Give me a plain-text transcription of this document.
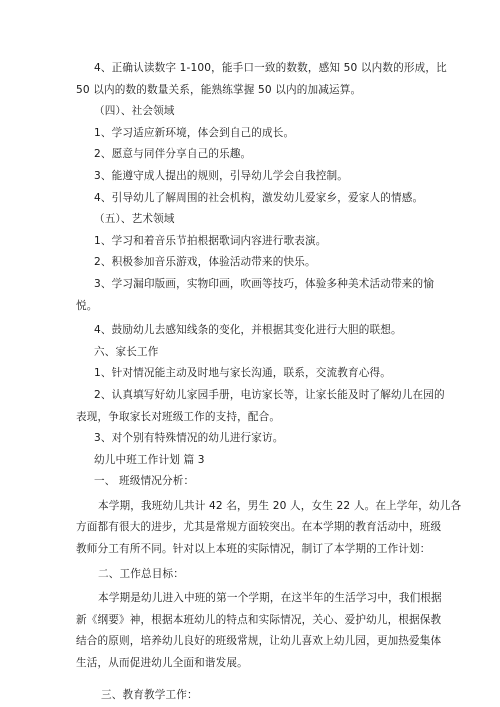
4、正确认读数字 1-100，能手口一致的数数，感知 50 以内数的形成，比
50 以内的数的数量关系，能熟练掌握 50 以内的加减运算。
（四）、社会领域
1、学习适应新环境，体会到自己的成长。
2、愿意与同伴分享自己的乐趣。
3、能遵守成人提出的规则，引导幼儿学会自我控制。
4、引导幼儿了解周围的社会机构，激发幼儿爱家乡，爱家人的情感。
（五）、艺术领域
1、学习和着音乐节拍根据歌词内容进行歌表演。
2、积极参加音乐游戏，体验活动带来的快乐。
3、学习漏印版画，实物印画，吹画等技巧，体验多种美术活动带来的愉
悦。
4、鼓励幼儿去感知线条的变化，并根据其变化进行大胆的联想。
六、家长工作
1、针对情况能主动及时地与家长沟通，联系，交流教育心得。
2、认真填写好幼儿家园手册，电访家长等，让家长能及时了解幼儿在园的
表现，争取家长对班级工作的支持，配合。
3、对个别有特殊情况的幼儿进行家访。
幼儿中班工作计划 篇 3
一、 班级情况分析：
本学期，我班幼儿共计 42 名，男生 20 人，女生 22 人。在上学年，幼儿各
方面都有很大的进步，尤其是常规方面较突出。在本学期的教育活动中，班级
教师分工有所不同。针对以上本班的实际情况，制订了本学期的工作计划：
二、工作总目标：
本学期是幼儿进入中班的第一个学期，在这半年的生活学习中，我们根据
新《纲要》神，根据本班幼儿的特点和实际情况，关心、爱护幼儿，根据保教
结合的原则，培养幼儿良好的班级常规，让幼儿喜欢上幼儿园，更加热爱集体
生活，从而促进幼儿全面和谐发展。
三、教育教学工作：
